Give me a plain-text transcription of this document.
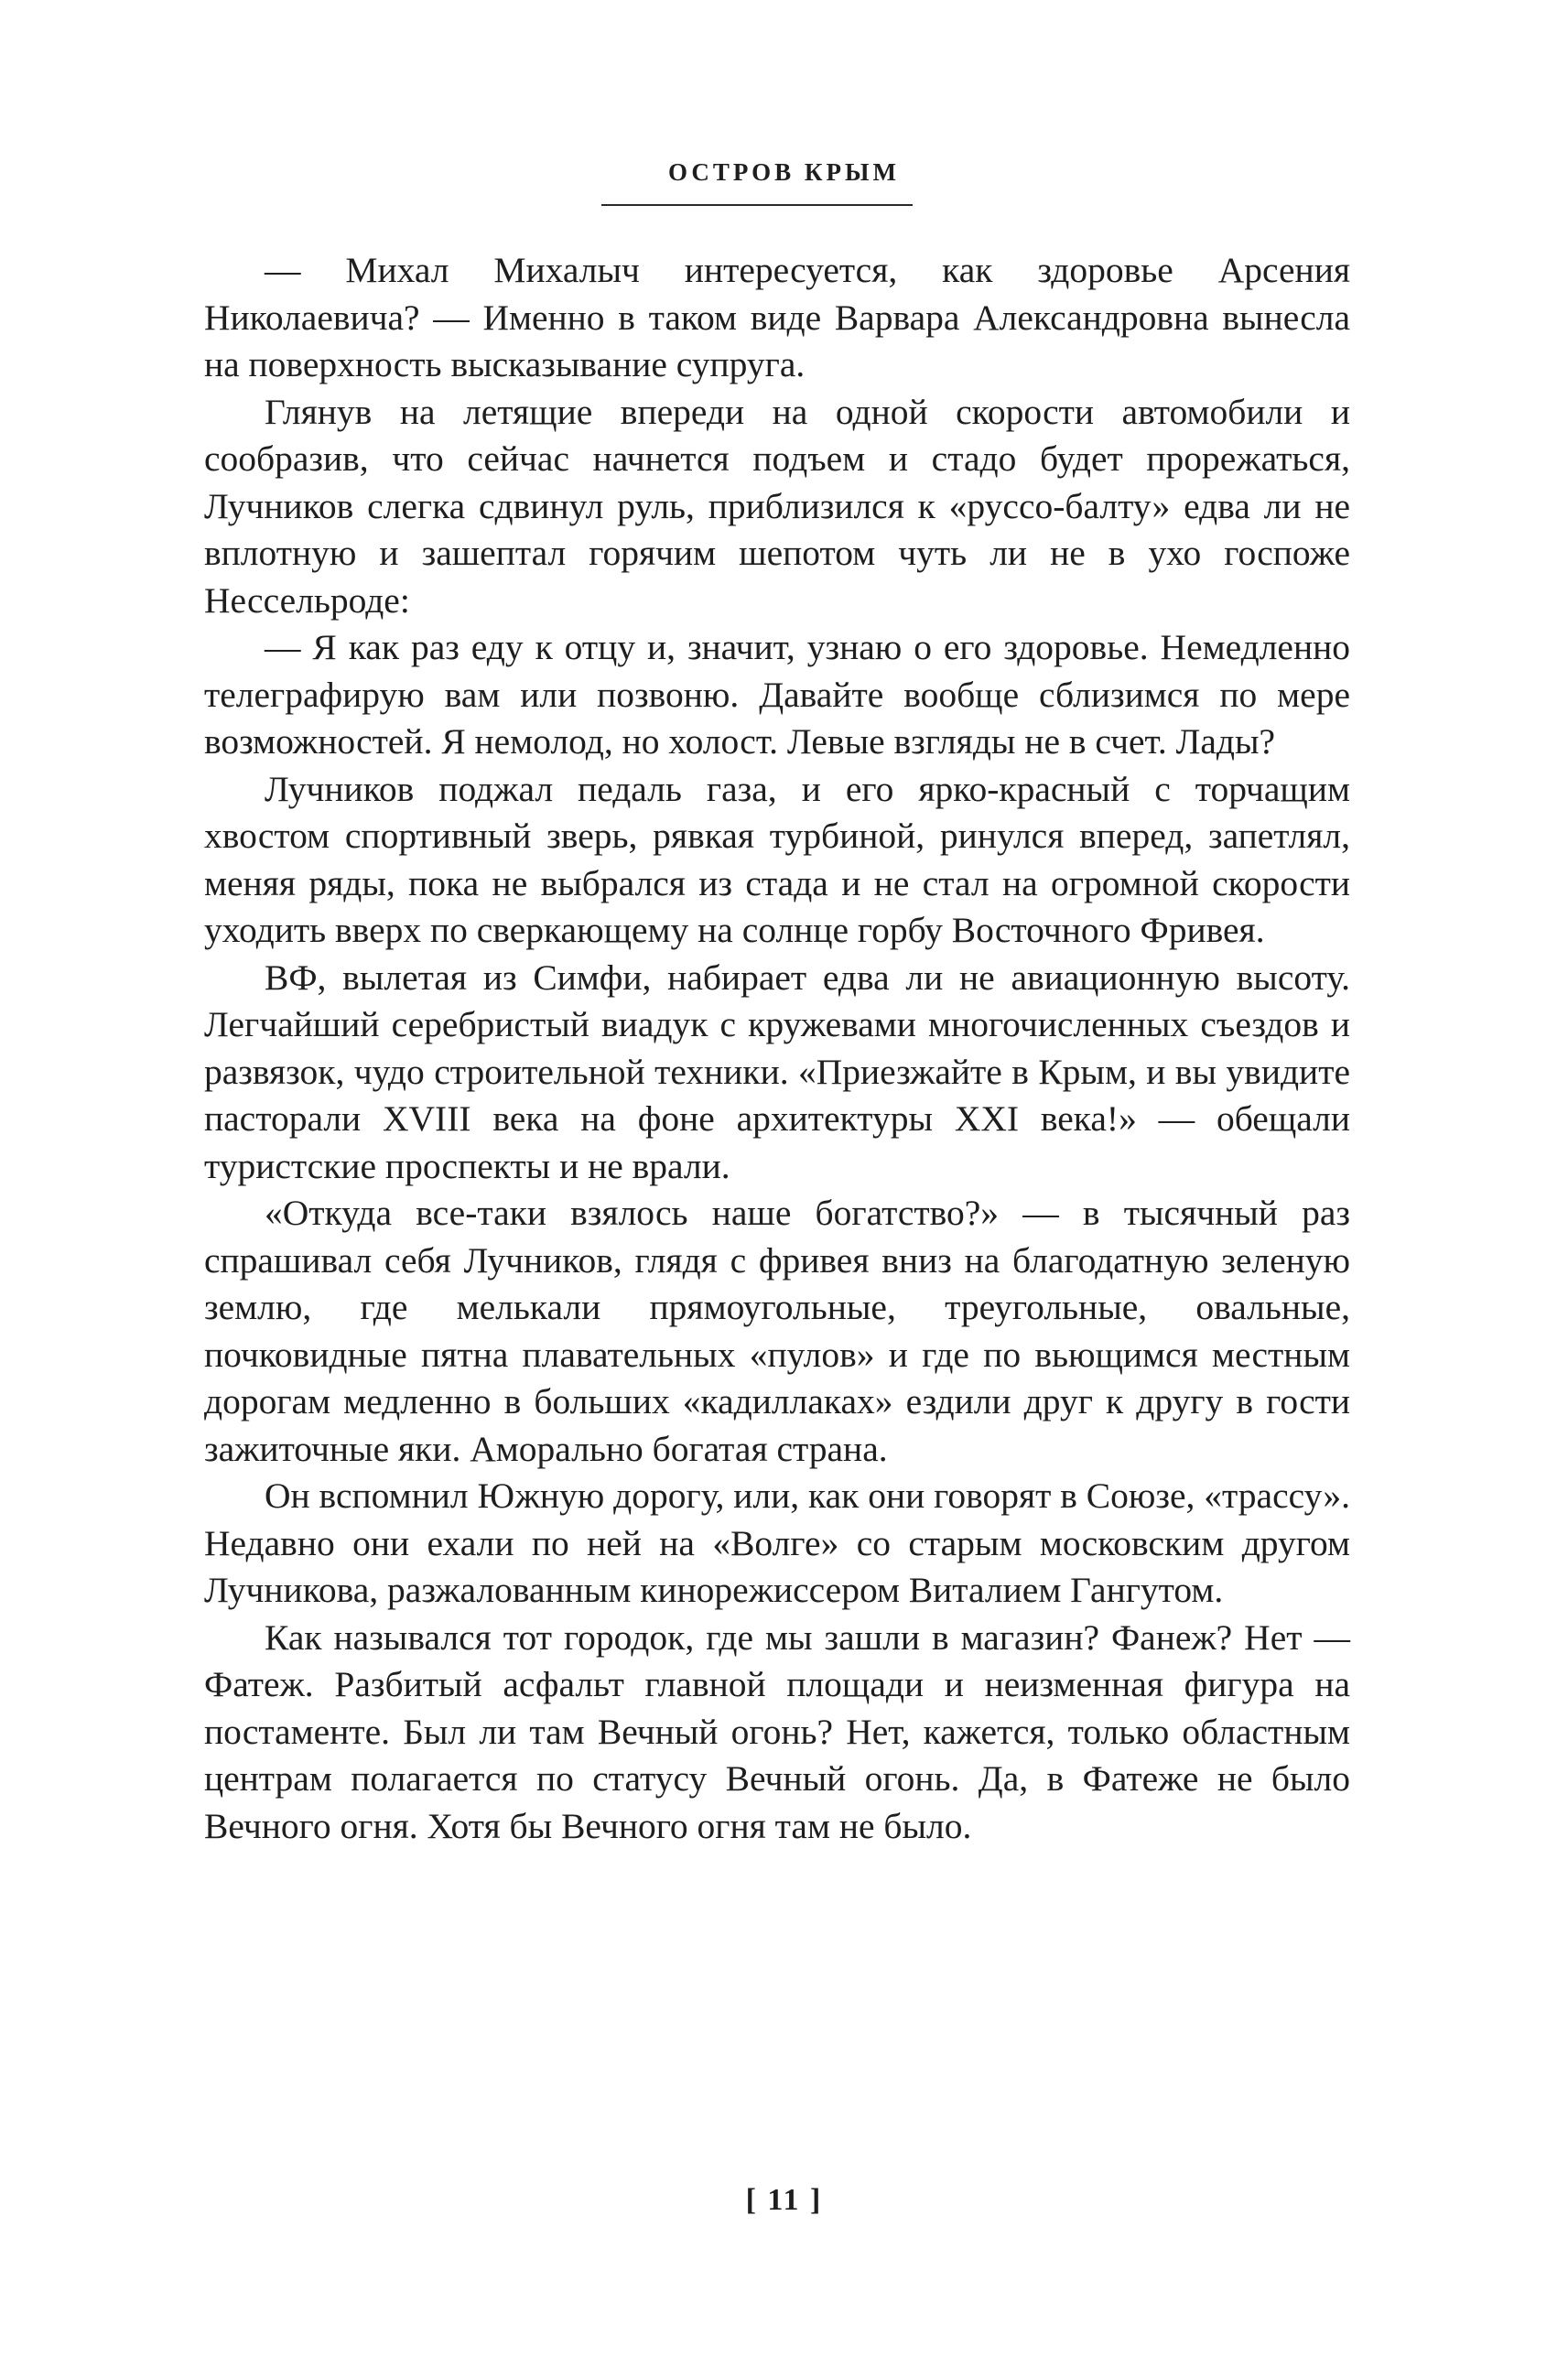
ОСТРОВ КРЫМ

— Михал Михалыч интересуется, как здоровье Арсения Николаевича? — Именно в таком виде Варвара Александровна вынесла на поверхность высказывание супруга.

Глянув на летящие впереди на одной скорости автомобили и сообразив, что сейчас начнется подъем и стадо будет прорежаться, Лучников слегка сдвинул руль, приблизился к «руссо-балту» едва ли не вплотную и зашептал горячим шепотом чуть ли не в ухо госпоже Нессельроде:

— Я как раз еду к отцу и, значит, узнаю о его здоровье. Немедленно телеграфирую вам или позвоню. Давайте вообще сблизимся по мере возможностей. Я немолод, но холост. Левые взгляды не в счет. Лады?

Лучников поджал педаль газа, и его ярко-красный с торчащим хвостом спортивный зверь, рявкая турбиной, ринулся вперед, запетлял, меняя ряды, пока не выбрался из стада и не стал на огромной скорости уходить вверх по сверкающему на солнце горбу Восточного Фривея.

ВФ, вылетая из Симфи, набирает едва ли не авиационную высоту. Легчайший серебристый виадук с кружевами многочисленных съездов и развязок, чудо строительной техники. «Приезжайте в Крым, и вы увидите пасторали XVIII века на фоне архитектуры XXI века!» — обещали туристские проспекты и не врали.

«Откуда все-таки взялось наше богатство?» — в тысячный раз спрашивал себя Лучников, глядя с фривея вниз на благодатную зеленую землю, где мелькали прямоугольные, треугольные, овальные, почковидные пятна плавательных «пулов» и где по вьющимся местным дорогам медленно в больших «кадиллаках» ездили друг к другу в гости зажиточные яки. Аморально богатая страна.

Он вспомнил Южную дорогу, или, как они говорят в Союзе, «трассу». Недавно они ехали по ней на «Волге» со старым московским другом Лучникова, разжалованным кинорежиссером Виталием Гангутом.

Как назывался тот городок, где мы зашли в магазин? Фанеж? Нет — Фатеж. Разбитый асфальт главной площади и неизменная фигура на постаменте. Был ли там Вечный огонь? Нет, кажется, только областным центрам полагается по статусу Вечный огонь. Да, в Фатеже не было Вечного огня. Хотя бы Вечного огня там не было.

[ 11 ]
